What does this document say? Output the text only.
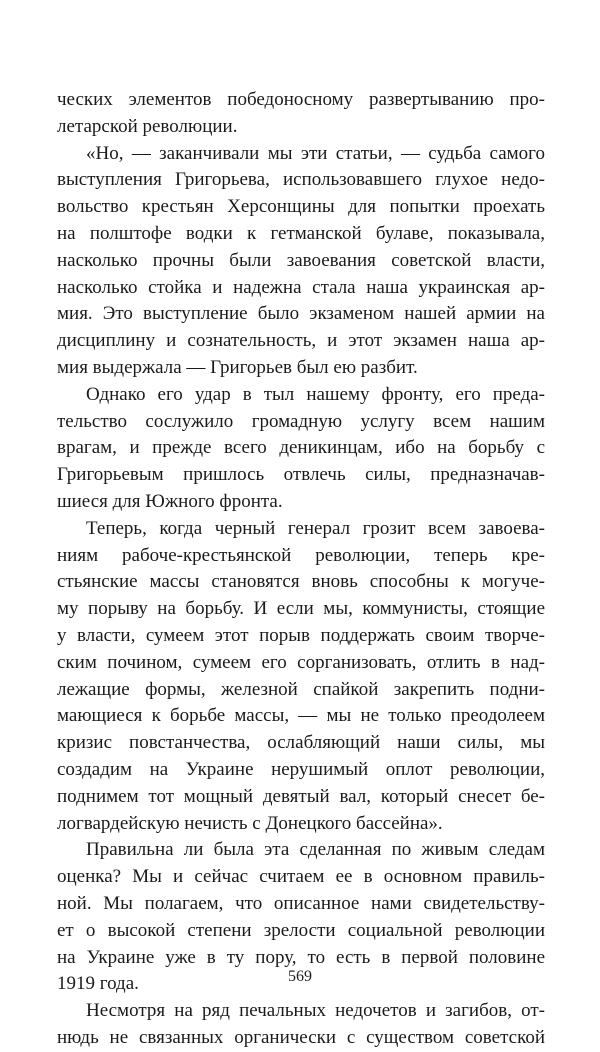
ческих элементов победоносному развертыванию про-
летарской революции.
«Но, — заканчивали мы эти статьи, — судьба самого
выступления Григорьева, использовавшего глухое недо-
вольство крестьян Херсонщины для попытки проехать
на полштофе водки к гетманской булаве, показывала,
насколько прочны были завоевания советской власти,
насколько стойка и надежна стала наша украинская ар-
мия. Это выступление было экзаменом нашей армии на
дисциплину и сознательность, и этот экзамен наша ар-
мия выдержала — Григорьев был ею разбит.
Однако его удар в тыл нашему фронту, его преда-
тельство сослужило громадную услугу всем нашим
врагам, и прежде всего деникинцам, ибо на борьбу с
Григорьевым пришлось отвлечь силы, предназначав-
шиеся для Южного фронта.
Теперь, когда черный генерал грозит всем завоева-
ниям рабоче-крестьянской революции, теперь кре-
стьянские массы становятся вновь способны к могуче-
му порыву на борьбу. И если мы, коммунисты, стоящие
у власти, сумеем этот порыв поддержать своим творче-
ским почином, сумеем его сорганизовать, отлить в над-
лежащие формы, железной спайкой закрепить подни-
мающиеся к борьбе массы, — мы не только преодолеем
кризис повстанчества, ослабляющий наши силы, мы
создадим на Украине нерушимый оплот революции,
поднимем тот мощный девятый вал, который снесет бе-
логвардейскую нечисть с Донецкого бассейна».
Правильна ли была эта сделанная по живым следам
оценка? Мы и сейчас считаем ее в основном правиль-
ной. Мы полагаем, что описанное нами свидетельству-
ет о высокой степени зрелости социальной революции
на Украине уже в ту пору, то есть в первой половине
1919 года.
Несмотря на ряд печальных недочетов и загибов, от-
нюдь не связанных органически с существом советской
569
